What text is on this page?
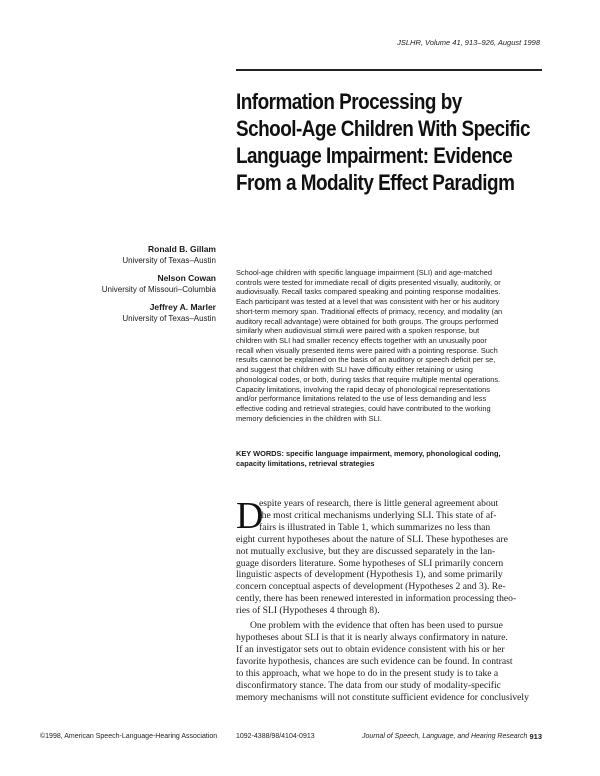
JSLHR, Volume 41, 913–926, August 1998
Information Processing by
School-Age Children With Specific
Language Impairment: Evidence
From a Modality Effect Paradigm
Ronald B. Gillam
University of Texas–Austin
Nelson Cowan
University of Missouri–Columbia
Jeffrey A. Marler
University of Texas–Austin
School-age children with specific language impairment (SLI) and age-matched
controls were tested for immediate recall of digits presented visually, auditorily, or
audiovisually. Recall tasks compared speaking and pointing response modalities.
Each participant was tested at a level that was consistent with her or his auditory
short-term memory span. Traditional effects of primacy, recency, and modality (an
auditory recall advantage) were obtained for both groups. The groups performed
similarly when audiovisual stimuli were paired with a spoken response, but
children with SLI had smaller recency effects together with an unusually poor
recall when visually presented items were paired with a pointing response. Such
results cannot be explained on the basis of an auditory or speech deficit per se,
and suggest that children with SLI have difficulty either retaining or using
phonological codes, or both, during tasks that require multiple mental operations.
Capacity limitations, involving the rapid decay of phonological representations
and/or performance limitations related to the use of less demanding and less
effective coding and retrieval strategies, could have contributed to the working
memory deficiencies in the children with SLI.
KEY WORDS: specific language impairment, memory, phonological coding,
capacity limitations, retrieval strategies
D
espite years of research, there is little general agreement about
the most critical mechanisms underlying SLI. This state of af-
fairs is illustrated in Table 1, which summarizes no less than
eight current hypotheses about the nature of SLI. These hypotheses are
not mutually exclusive, but they are discussed separately in the lan-
guage disorders literature. Some hypotheses of SLI primarily concern
linguistic aspects of development (Hypothesis 1), and some primarily
concern conceptual aspects of development (Hypotheses 2 and 3). Re-
cently, there has been renewed interested in information processing theo-
ries of SLI (Hypotheses 4 through 8).
One problem with the evidence that often has been used to pursue
hypotheses about SLI is that it is nearly always confirmatory in nature.
If an investigator sets out to obtain evidence consistent with his or her
favorite hypothesis, chances are such evidence can be found. In contrast
to this approach, what we hope to do in the present study is to take a
disconfirmatory stance. The data from our study of modality-specific
memory mechanisms will not constitute sufficient evidence for conclusively
©1998, American Speech-Language-Hearing Association	1092-4388/98/4104-0913	Journal of Speech, Language, and Hearing Research 913
